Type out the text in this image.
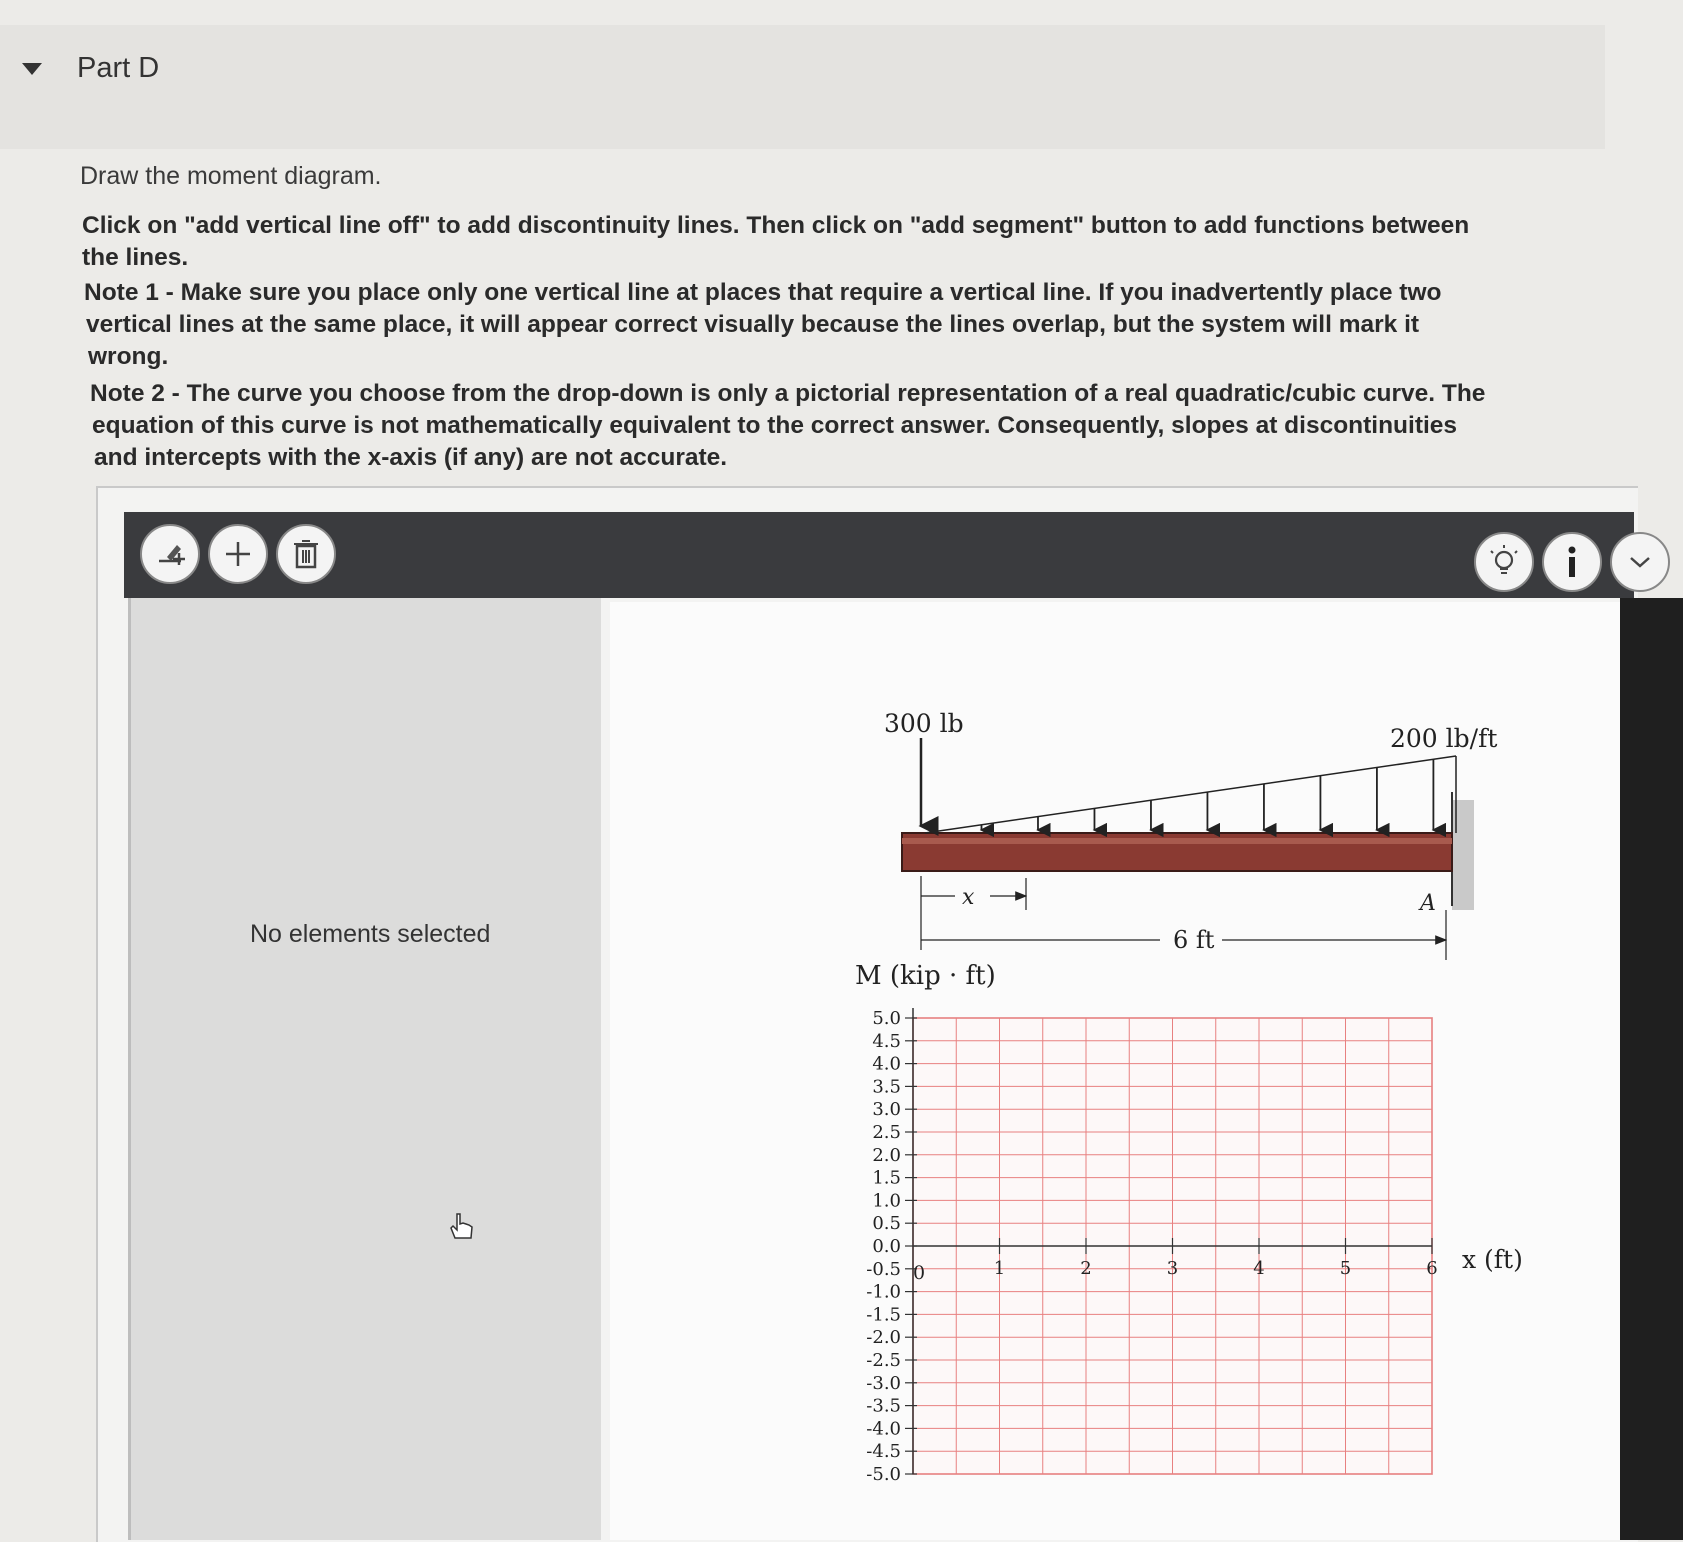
Part D
Draw the moment diagram.
Click on "add vertical line off" to add discontinuity lines. Then click on "add segment" button to add functions between
the lines.
Note 1 - Make sure you place only one vertical line at places that require a vertical line. If you inadvertently place two
vertical lines at the same place, it will appear correct visually because the lines overlap, but the system will mark it
wrong.
Note 2 - The curve you choose from the drop-down is only a pictorial representation of a real quadratic/cubic curve. The
equation of this curve is not mathematically equivalent to the correct answer. Consequently, slopes at discontinuities
and intercepts with the x-axis (if any) are not accurate.
No elements selected
300 lb
200 lb/ft
A
x
6 ft
M (kip · ft)
x (ft)
5.0
4.5
4.0
3.5
3.0
2.5
2.0
1.5
1.0
0.5
0.0
-0.5
-1.0
-1.5
-2.0
-2.5
-3.0
-3.5
-4.0
-4.5
-5.0
1	2	3	4	5	6
0
